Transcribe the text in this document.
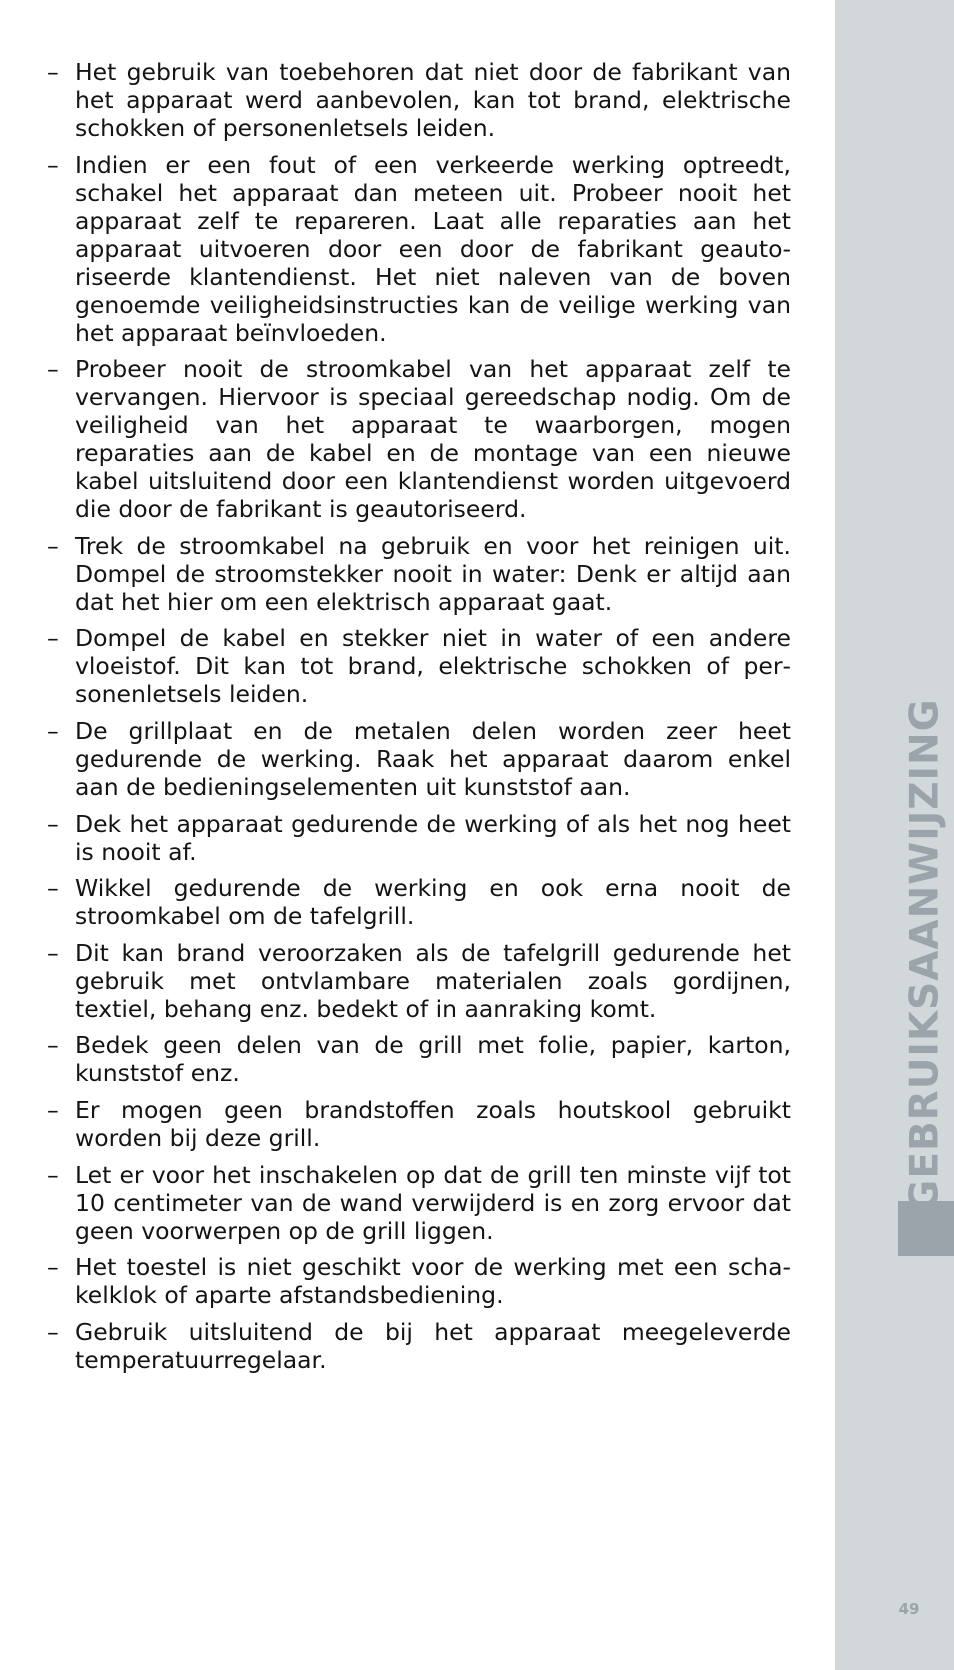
– Het gebruik van toebehoren dat niet door de fabrikant van het apparaat werd aanbevolen, kan tot brand, elektrische schokken of personenletsels leiden.
– Indien er een fout of een verkeerde werking optreedt, schakel het apparaat dan meteen uit. Probeer nooit het apparaat zelf te repareren. Laat alle reparaties aan het apparaat uitvoeren door een door de fabrikant geautoriseerde klantendienst. Het niet naleven van de boven genoemde veiligheidsinstructies kan de veilige werking van het apparaat beïnvloeden.
– Probeer nooit de stroomkabel van het apparaat zelf te vervangen. Hiervoor is speciaal gereedschap nodig. Om de veiligheid van het apparaat te waarborgen, mogen reparaties aan de kabel en de montage van een nieuwe kabel uitsluitend door een klantendienst worden uitgevoerd die door de fabrikant is geautoriseerd.
– Trek de stroomkabel na gebruik en voor het reinigen uit. Dompel de stroomstekker nooit in water: Denk er altijd aan dat het hier om een elektrisch apparaat gaat.
– Dompel de kabel en stekker niet in water of een andere vloeistof. Dit kan tot brand, elektrische schokken of personenletsels leiden.
– De grillplaat en de metalen delen worden zeer heet gedurende de werking. Raak het apparaat daarom enkel aan de bedieningselementen uit kunststof aan.
– Dek het apparaat gedurende de werking of als het nog heet is nooit af.
– Wikkel gedurende de werking en ook erna nooit de stroomkabel om de tafelgrill.
– Dit kan brand veroorzaken als de tafelgrill gedurende het gebruik met ontvlambare materialen zoals gordijnen, textiel, behang enz. bedekt of in aanraking komt.
– Bedek geen delen van de grill met folie, papier, karton, kunststof enz.
– Er mogen geen brandstoffen zoals houtskool gebruikt worden bij deze grill.
– Let er voor het inschakelen op dat de grill ten minste vijf tot 10 centimeter van de wand verwijderd is en zorg ervoor dat geen voorwerpen op de grill liggen.
– Het toestel is niet geschikt voor de werking met een schakelklok of aparte afstandsbediening.
– Gebruik uitsluitend de bij het apparaat meegeleverde temperatuurregelaar.
GEBRUIKSAANWIJZING
49
